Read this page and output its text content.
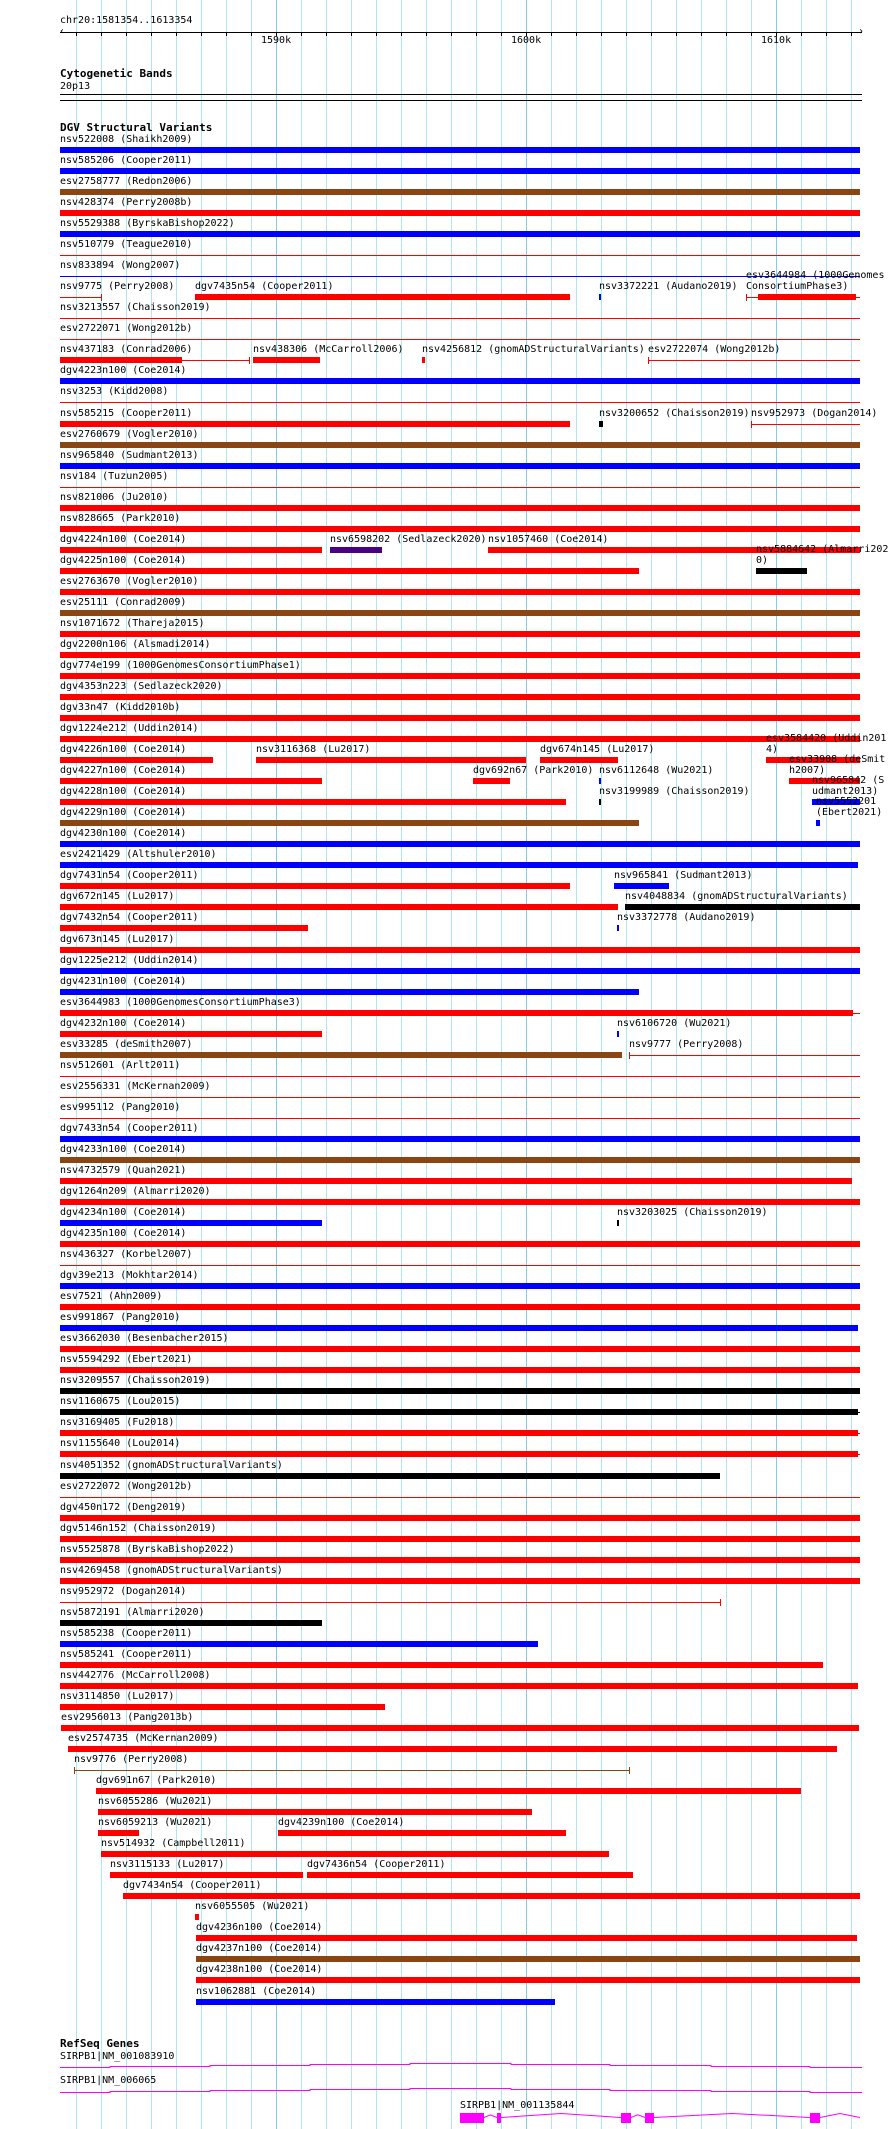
chr20:1581354..1613354
Cytogenetic Bands
20p13
DGV Structural Variants
RefSeq Genes
‹	›
1590k	1600k	1610k
nsv522008 (Shaikh2009)
nsv585206 (Cooper2011)
esv2758777 (Redon2006)
nsv428374 (Perry2008b)
nsv5529388 (ByrskaBishop2022)
nsv510779 (Teague2010)
nsv833894 (Wong2007)
nsv9775 (Perry2008) dgv7435n54 (Cooper2011)	nsv3372221 (Audano2019)
esv3644984 (1000GenomesConsortiumPhase3)
nsv3213557 (Chaisson2019)
esv2722071 (Wong2012b)
nsv437183 (Conrad2006)	nsv438306 (McCarroll2006) nsv4256812 (gnomADStructuralVariants) esv2722074 (Wong2012b)
dgv4223n100 (Coe2014)
nsv3253 (Kidd2008)
nsv585215 (Cooper2011)	nsv3200652 (Chaisson2019) nsv952973 (Dogan2014)
esv2760679 (Vogler2010)
nsv965840 (Sudmant2013)
nsv184 (Tuzun2005)
nsv821006 (Ju2010)
nsv828665 (Park2010)
dgv4224n100 (Coe2014)	nsv6598202 (Sedlazeck2020) nsv1057460 (Coe2014)
dgv4225n100 (Coe2014)
nsv5884642 (Almarri2020)
esv2763670 (Vogler2010)
esv25111 (Conrad2009)
nsv1071672 (Thareja2015)
dgv2200n106 (Alsmadi2014)
dgv774e199 (1000GenomesConsortiumPhase1)
dgv4353n223 (Sedlazeck2020)
dgv33n47 (Kidd2010b)
dgv1224e212 (Uddin2014)
dgv4226n100 (Coe2014)	nsv3116368 (Lu2017)	dgv674n145 (Lu2017)
esv3584420 (Uddin2014)
dgv4227n100 (Coe2014)	dgv692n67 (Park2010) nsv6112648 (Wu2021)
esv33908 (deSmith2007)
dgv4228n100 (Coe2014)	nsv3199989 (Chaisson2019)
nsv965842 (Sudmant2013)
dgv4229n100 (Coe2014)
nsv5552201 (Ebert2021)
dgv4230n100 (Coe2014)
esv2421429 (Altshuler2010)
dgv7431n54 (Cooper2011)	nsv965841 (Sudmant2013)
dgv672n145 (Lu2017)	nsv4048834 (gnomADStructuralVariants)
dgv7432n54 (Cooper2011)	nsv3372778 (Audano2019)
dgv673n145 (Lu2017)
dgv1225e212 (Uddin2014)
dgv4231n100 (Coe2014)
esv3644983 (1000GenomesConsortiumPhase3)
dgv4232n100 (Coe2014)	nsv6106720 (Wu2021)
esv33285 (deSmith2007)	nsv9777 (Perry2008)
nsv512601 (Arlt2011)
esv2556331 (McKernan2009)
esv995112 (Pang2010)
dgv7433n54 (Cooper2011)
dgv4233n100 (Coe2014)
nsv4732579 (Quan2021)
dgv1264n209 (Almarri2020)
dgv4234n100 (Coe2014)	nsv3203025 (Chaisson2019)
dgv4235n100 (Coe2014)
nsv436327 (Korbel2007)
dgv39e213 (Mokhtar2014)
esv7521 (Ahn2009)
esv991867 (Pang2010)
esv3662030 (Besenbacher2015)
nsv5594292 (Ebert2021)
nsv3209557 (Chaisson2019)
nsv1160675 (Lou2015)
nsv3169405 (Fu2018)
nsv1155640 (Lou2014)
nsv4051352 (gnomADStructuralVariants)
esv2722072 (Wong2012b)
dgv450n172 (Deng2019)
dgv5146n152 (Chaisson2019)
nsv5525878 (ByrskaBishop2022)
nsv4269458 (gnomADStructuralVariants)
nsv952972 (Dogan2014)
nsv5872191 (Almarri2020)
nsv585238 (Cooper2011)
nsv585241 (Cooper2011)
nsv442776 (McCarroll2008)
nsv3114850 (Lu2017)
esv2956013 (Pang2013b)
esv2574735 (McKernan2009)
nsv9776 (Perry2008)
dgv691n67 (Park2010)
nsv6055286 (Wu2021)
nsv6059213 (Wu2021)	dgv4239n100 (Coe2014)
nsv514932 (Campbell2011)
nsv3115133 (Lu2017)	dgv7436n54 (Cooper2011)
dgv7434n54 (Cooper2011)
nsv6055505 (Wu2021)
dgv4236n100 (Coe2014)
dgv4237n100 (Coe2014)
dgv4238n100 (Coe2014)
nsv1062881 (Coe2014)
SIRPB1|NM_001083910
SIRPB1|NM_006065
SIRPB1|NM_001135844
